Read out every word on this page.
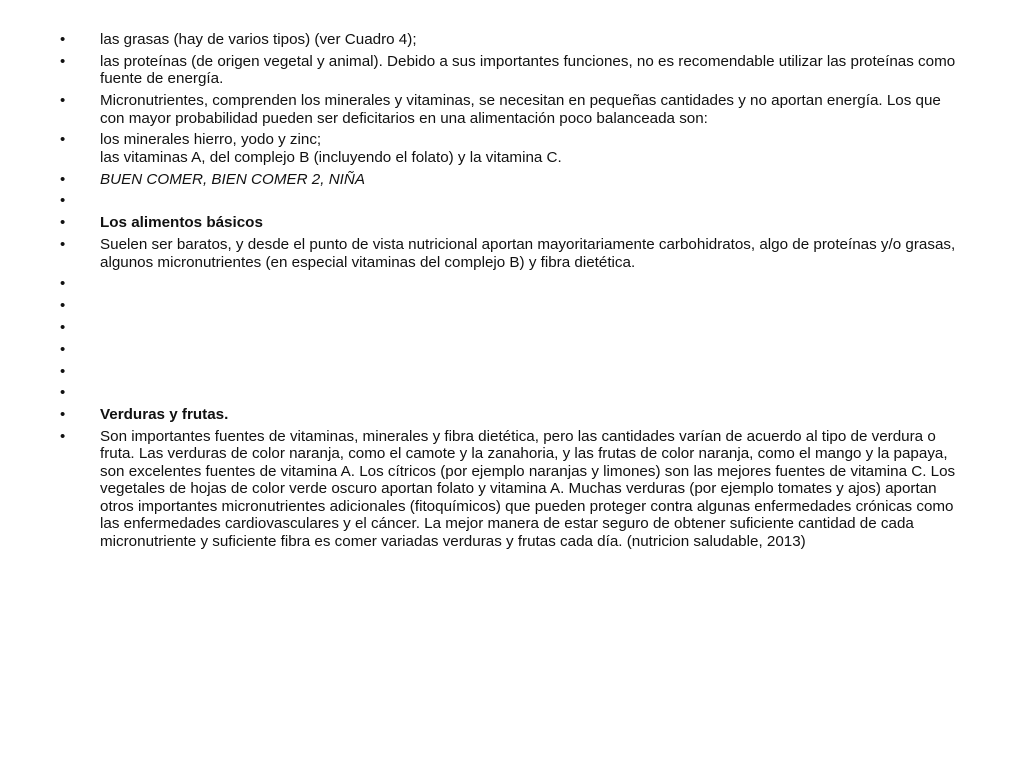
•	las grasas (hay de varios tipos) (ver Cuadro 4);
•	las proteínas (de origen vegetal y animal). Debido a sus importantes funciones, no es recomendable utilizar las proteínas como fuente de energía.
•	Micronutrientes, comprenden los minerales y vitaminas, se necesitan en pequeñas cantidades y no aportan energía. Los que con mayor probabilidad pueden ser deficitarios en una alimentación poco balanceada son:
•	los minerales hierro, yodo y zinc;
las vitaminas A, del complejo B (incluyendo el folato) y la vitamina C.
•	BUEN COMER, BIEN COMER 2, NIÑA
•
•	Los alimentos básicos
•	Suelen ser baratos, y desde el punto de vista nutricional aportan mayoritariamente carbohidratos, algo de proteínas y/o grasas, algunos micronutrientes (en especial vitaminas del complejo B) y fibra dietética.
•
•
•
•
•
•
•	Verduras y frutas.
•	Son importantes fuentes de vitaminas, minerales y fibra dietética, pero las cantidades varían de acuerdo al tipo de verdura o fruta. Las verduras de color naranja, como el camote y la zanahoria, y las frutas de color naranja, como el mango y la papaya, son excelentes fuentes de vitamina A. Los cítricos (por ejemplo naranjas y limones) son las mejores fuentes de vitamina C. Los vegetales de hojas de color verde oscuro aportan folato y vitamina A. Muchas verduras (por ejemplo tomates y ajos) aportan otros importantes micronutrientes adicionales (fitoquímicos) que pueden proteger contra algunas enfermedades crónicas como las enfermedades cardiovasculares y el cáncer. La mejor manera de estar seguro de obtener suficiente cantidad de cada micronutriente y suficiente fibra es comer variadas verduras y frutas cada día. (nutricion saludable, 2013)
